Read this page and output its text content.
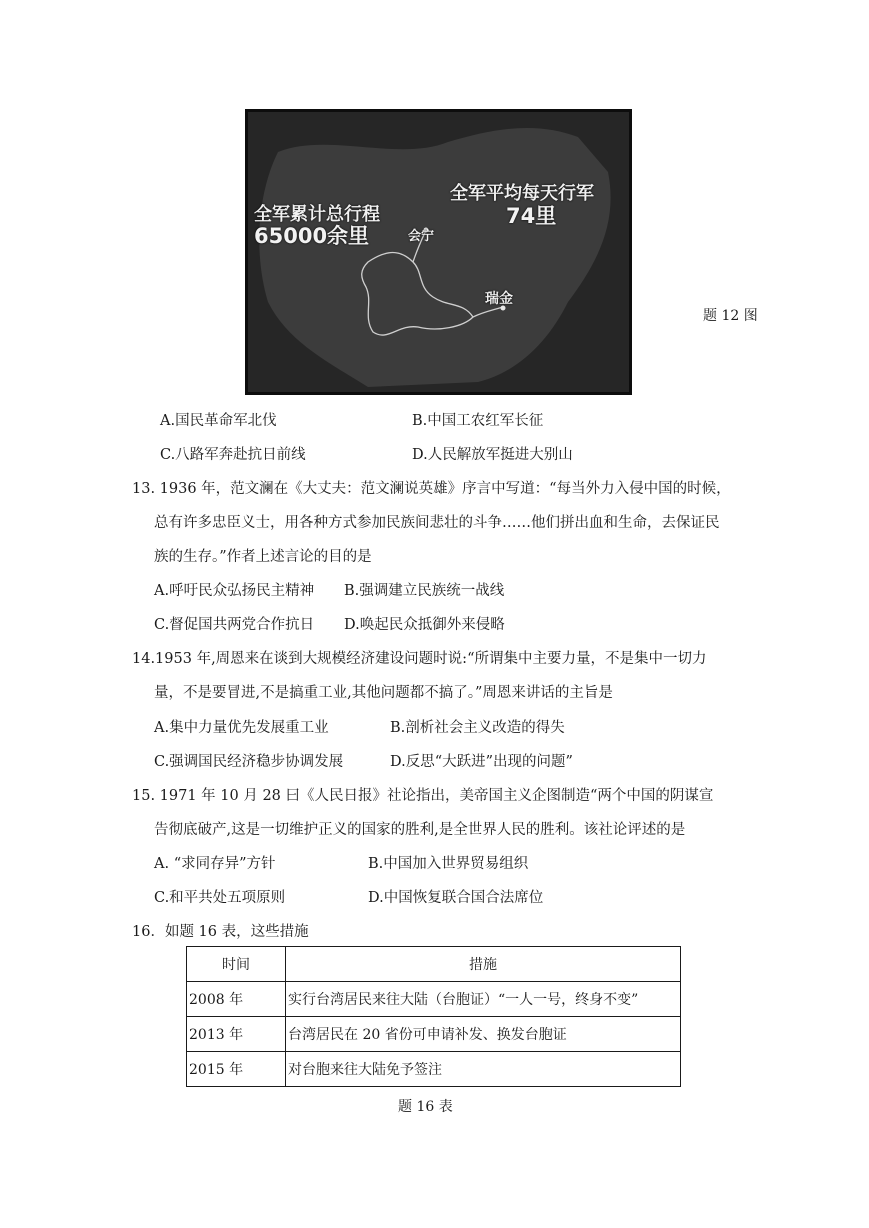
全军累计总行程
65000余里
全军平均每天行军
74里
会宁
瑞金
题 12 图
A.国民革命军北伐	B.中国工农红军长征
C.八路军奔赴抗日前线	D.人民解放军挺进大别山
13. 1936 年，范文澜在《大丈夫：范文澜说英雄》序言中写道：“每当外力入侵中国的时候，
总有许多忠臣义士，用各种方式参加民族间悲壮的斗争……他们拼出血和生命，去保证民
族的生存。”作者上述言论的目的是
A.呼吁民众弘扬民主精神 B.强调建立民族统一战线
C.督促国共两党合作抗日 D.唤起民众抵御外来侵略
14.1953 年,周恩来在谈到大规模经济建设问题时说:“所谓集中主要力量，不是集中一切力
量，不是要冒进,不是搞重工业,其他问题都不搞了。”周恩来讲话的主旨是
A.集中力量优先发展重工业	B.剖析社会主义改造的得失
C.强调国民经济稳步协调发展	D.反思“大跃进”出现的问题”
15. 1971 年 10 月 28 曰《人民日报》社论指出，美帝国主义企图制造“两个中国的阴谋宣
告彻底破产,这是一切维护正义的国家的胜利,是全世界人民的胜利。该社论评述的是
A. “求同存异”方针	B.中国加入世界贸易组织
C.和平共处五项原则	D.中国恢复联合国合法席位
16．如题 16 表，这些措施
时间	措施
2008 年	实行台湾居民来往大陆（台胞证）“一人一号，终身不变”
2013 年	台湾居民在 20 省份可申请补发、换发台胞证
2015 年	对台胞来往大陆免予签注
题 16 表
